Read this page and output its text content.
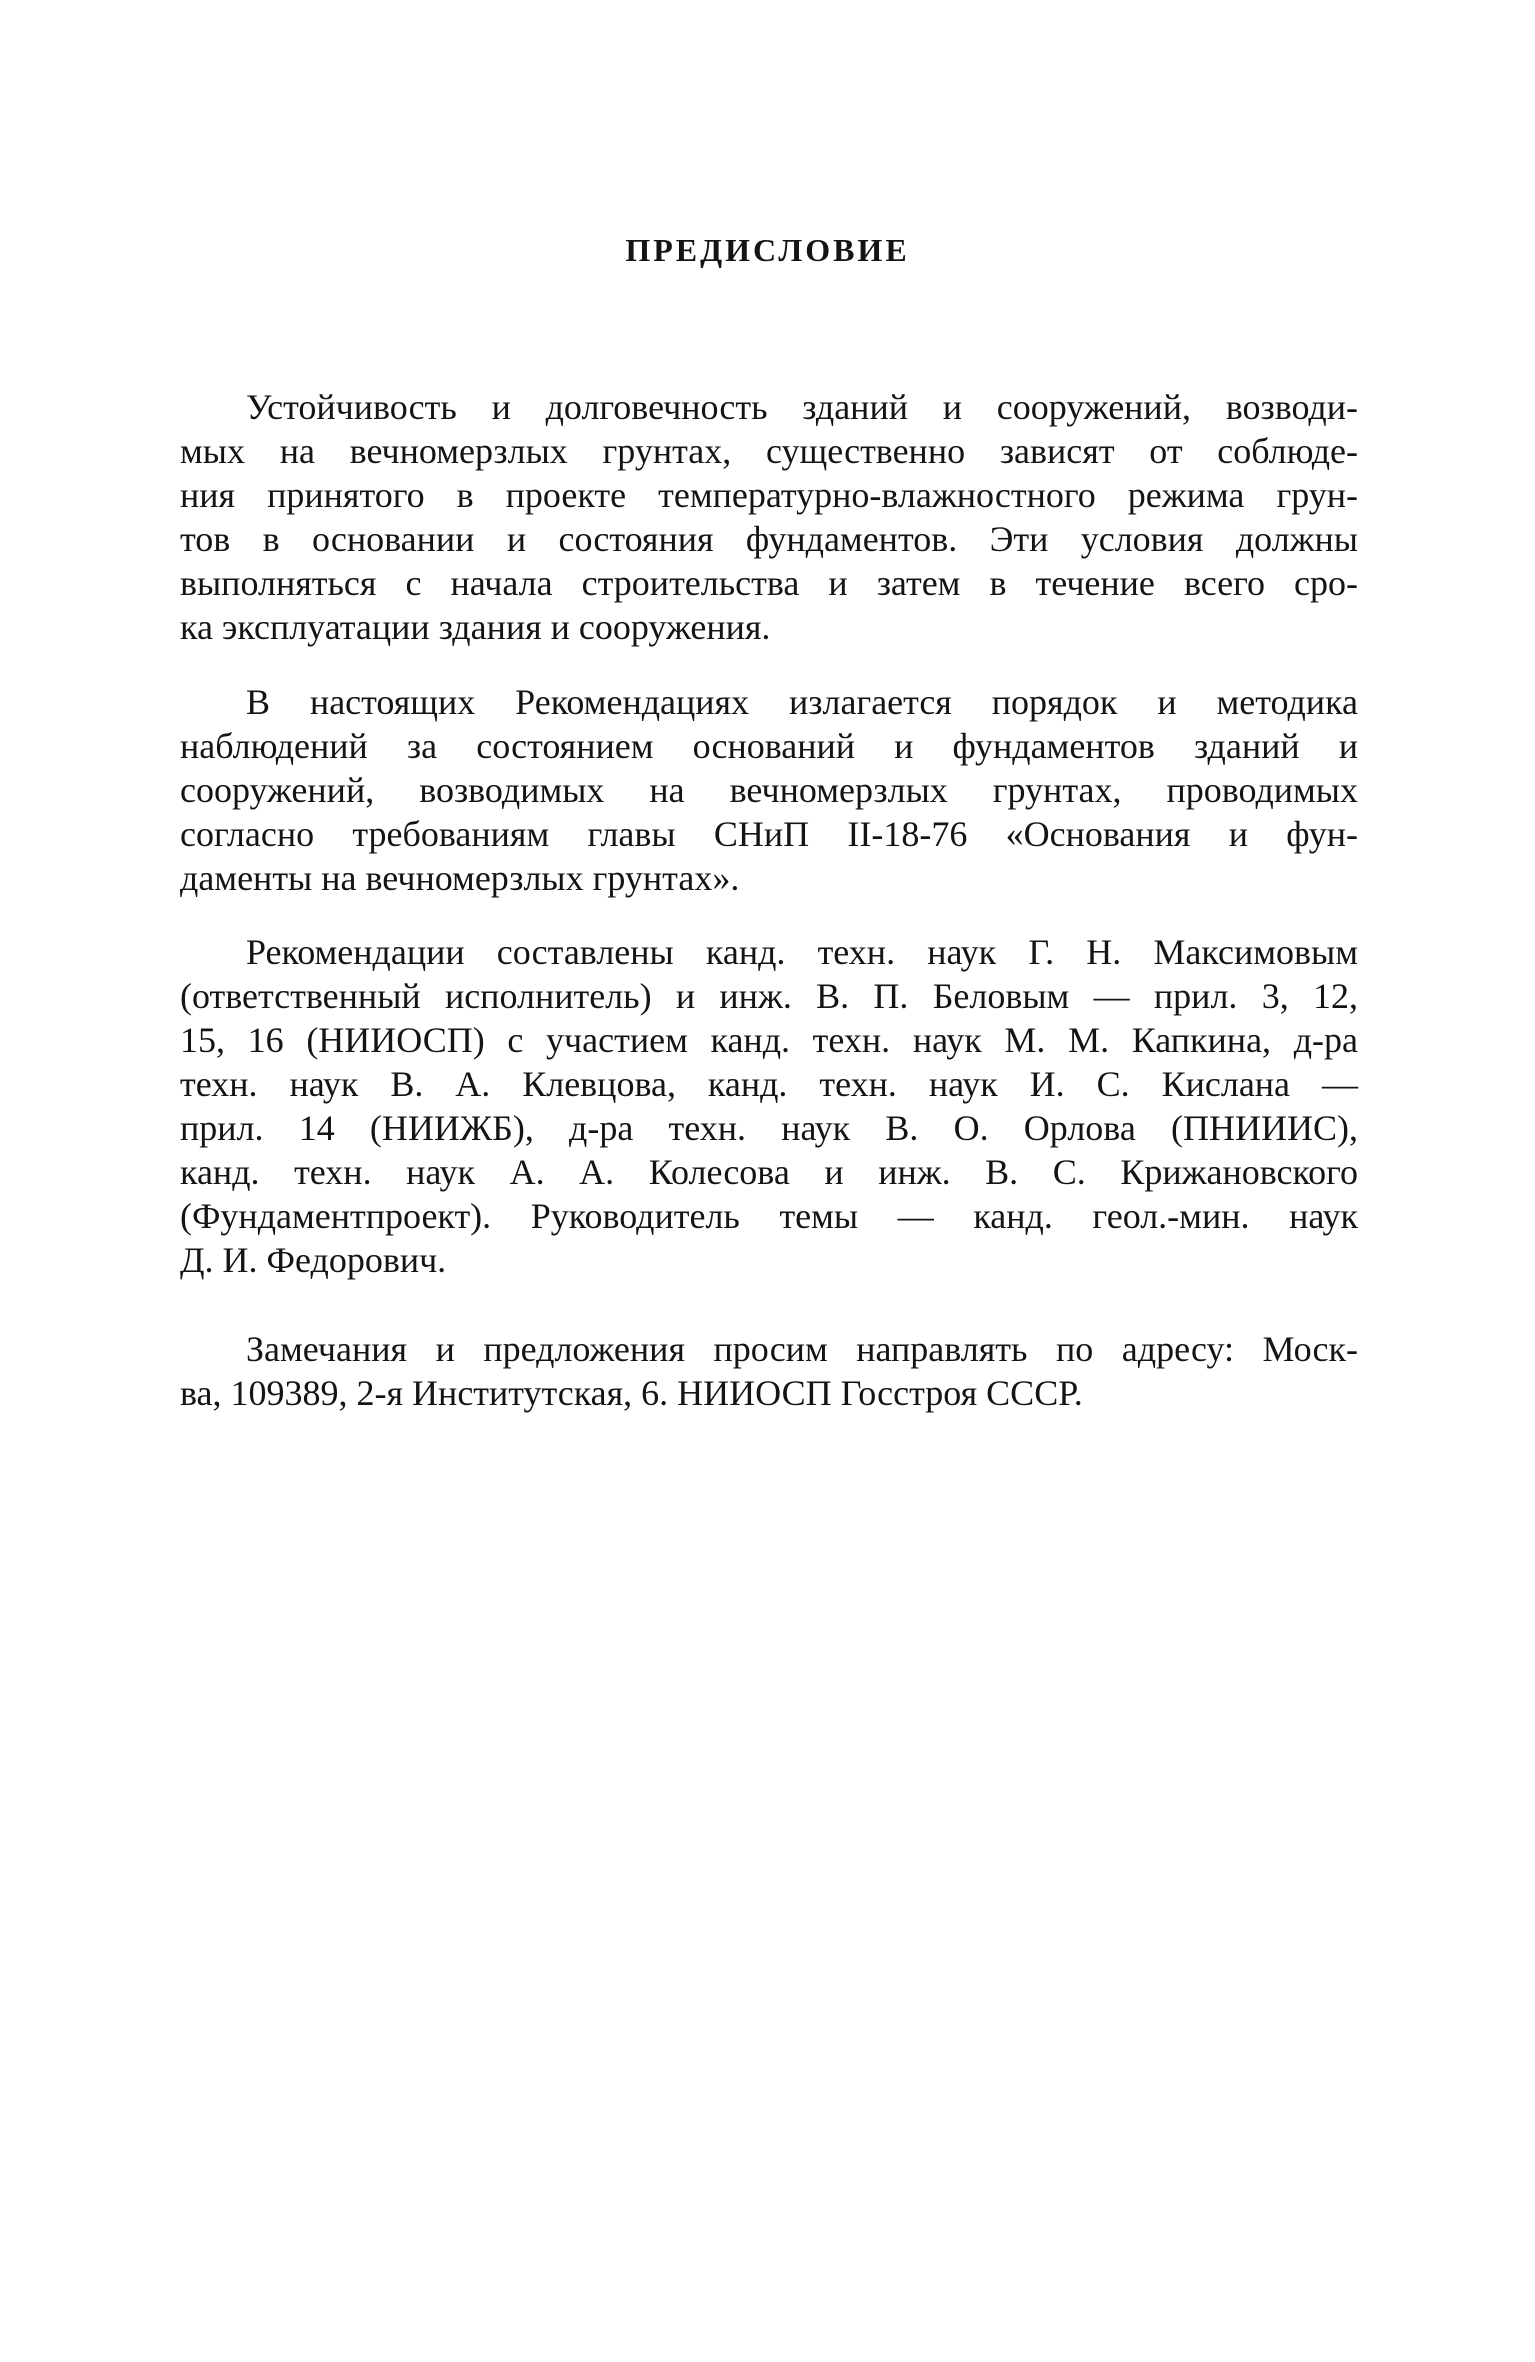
ПРЕДИСЛОВИЕ
Устойчивость и долговечность зданий и сооружений, возводи-
мых на вечномерзлых грунтах, существенно зависят от соблюде-
ния принятого в проекте температурно-влажностного режима грун-
тов в основании и состояния фундаментов. Эти условия должны
выполняться с начала строительства и затем в течение всего сро-
ка эксплуатации здания и сооружения.
В настоящих Рекомендациях излагается порядок и методика
наблюдений за состоянием оснований и фундаментов зданий и
сооружений, возводимых на вечномерзлых грунтах, проводимых
согласно требованиям главы СНиП II-18-76 «Основания и фун-
даменты на вечномерзлых грунтах».
Рекомендации составлены канд. техн. наук Г. Н. Максимовым
(ответственный исполнитель) и инж. В. П. Беловым — прил. 3, 12,
15, 16 (НИИОСП) с участием канд. техн. наук М. М. Капкина, д-ра
техн. наук В. А. Клевцова, канд. техн. наук И. С. Кислана —
прил. 14 (НИИЖБ), д-ра техн. наук В. О. Орлова (ПНИИИС),
канд. техн. наук А. А. Колесова и инж. В. С. Крижановского
(Фундаментпроект). Руководитель темы — канд. геол.-мин. наук
Д. И. Федорович.
Замечания и предложения просим направлять по адресу: Моск-
ва, 109389, 2-я Институтская, 6. НИИОСП Госстроя СССР.
